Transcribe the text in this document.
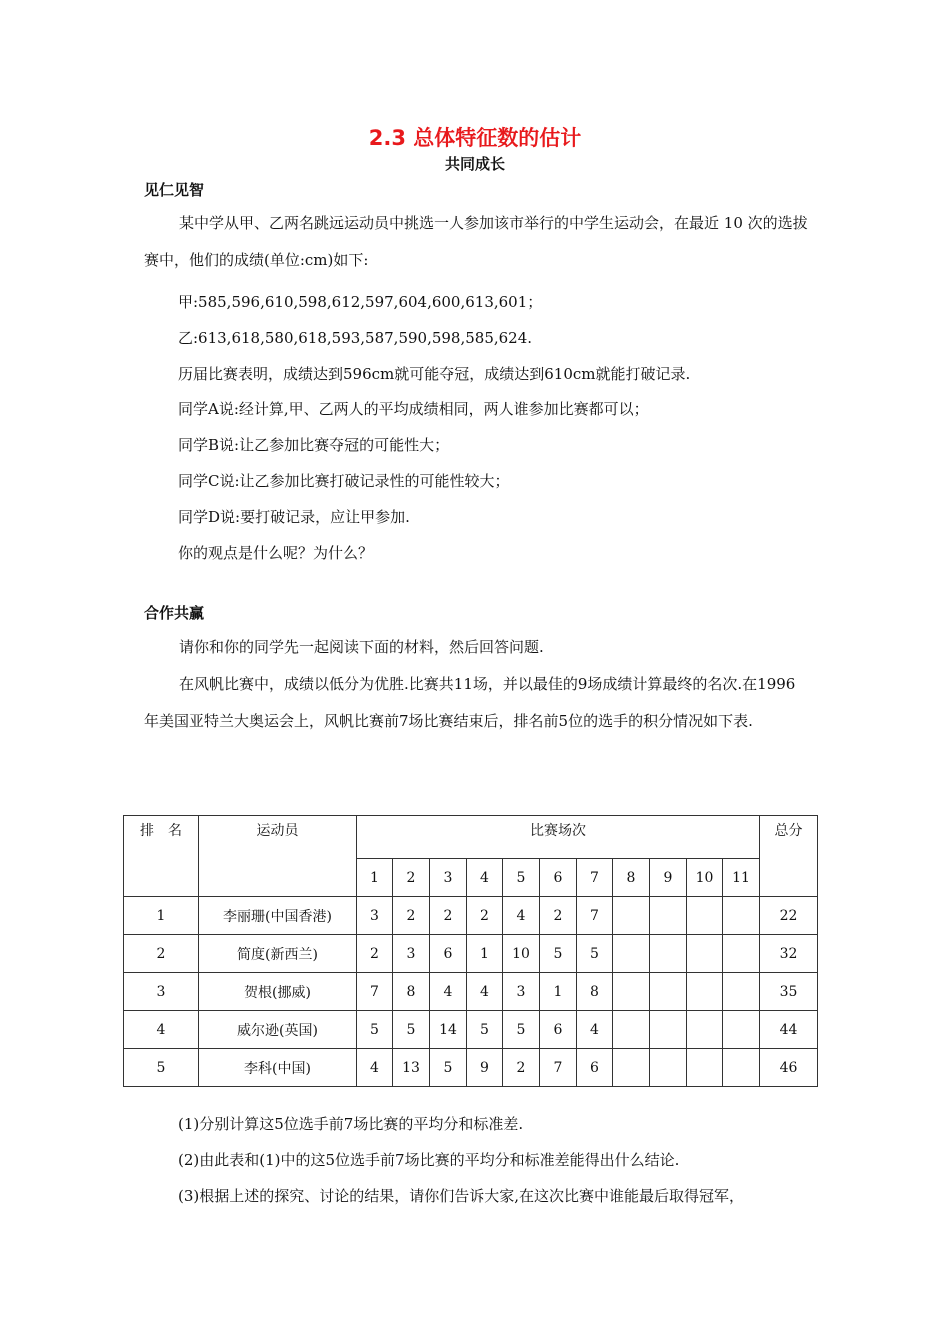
2.3 总体特征数的估计
共同成长
见仁见智

某中学从甲、乙两名跳远运动员中挑选一人参加该市举行的中学生运动会，在最近 10 次的选拔赛中，他们的成绩(单位:cm)如下:

甲:585,596,610,598,612,597,604,600,613,601；
乙:613,618,580,618,593,587,590,598,585,624.
历届比赛表明，成绩达到596cm就可能夺冠，成绩达到610cm就能打破记录.
同学A说:经计算,甲、乙两人的平均成绩相同，两人谁参加比赛都可以；
同学B说:让乙参加比赛夺冠的可能性大；
同学C说:让乙参加比赛打破记录性的可能性较大；
同学D说:要打破记录，应让甲参加.
你的观点是什么呢？为什么？
合作共赢

请你和你的同学先一起阅读下面的材料，然后回答问题.

在风帆比赛中，成绩以低分为优胜.比赛共11场，并以最佳的9场成绩计算最终的名次.在1996年美国亚特兰大奥运会上，风帆比赛前7场比赛结束后，排名前5位的选手的积分情况如下表.

排　名	运动员	比赛场次											总分
		1	2	3	4	5	6	7	8	9	10	11	
1	李丽珊(中国香港)	3	2	2	2	4	2	7					22
2	简度(新西兰)	2	3	6	1	10	5	5					32
3	贺根(挪威)	7	8	4	4	3	1	8					35
4	威尔逊(英国)	5	5	14	5	5	6	4					44
5	李科(中国)	4	13	5	9	2	7	6					46
(1)分别计算这5位选手前7场比赛的平均分和标准差.
(2)由此表和(1)中的这5位选手前7场比赛的平均分和标准差能得出什么结论.
(3)根据上述的探究、讨论的结果，请你们告诉大家,在这次比赛中谁能最后取得冠军，
